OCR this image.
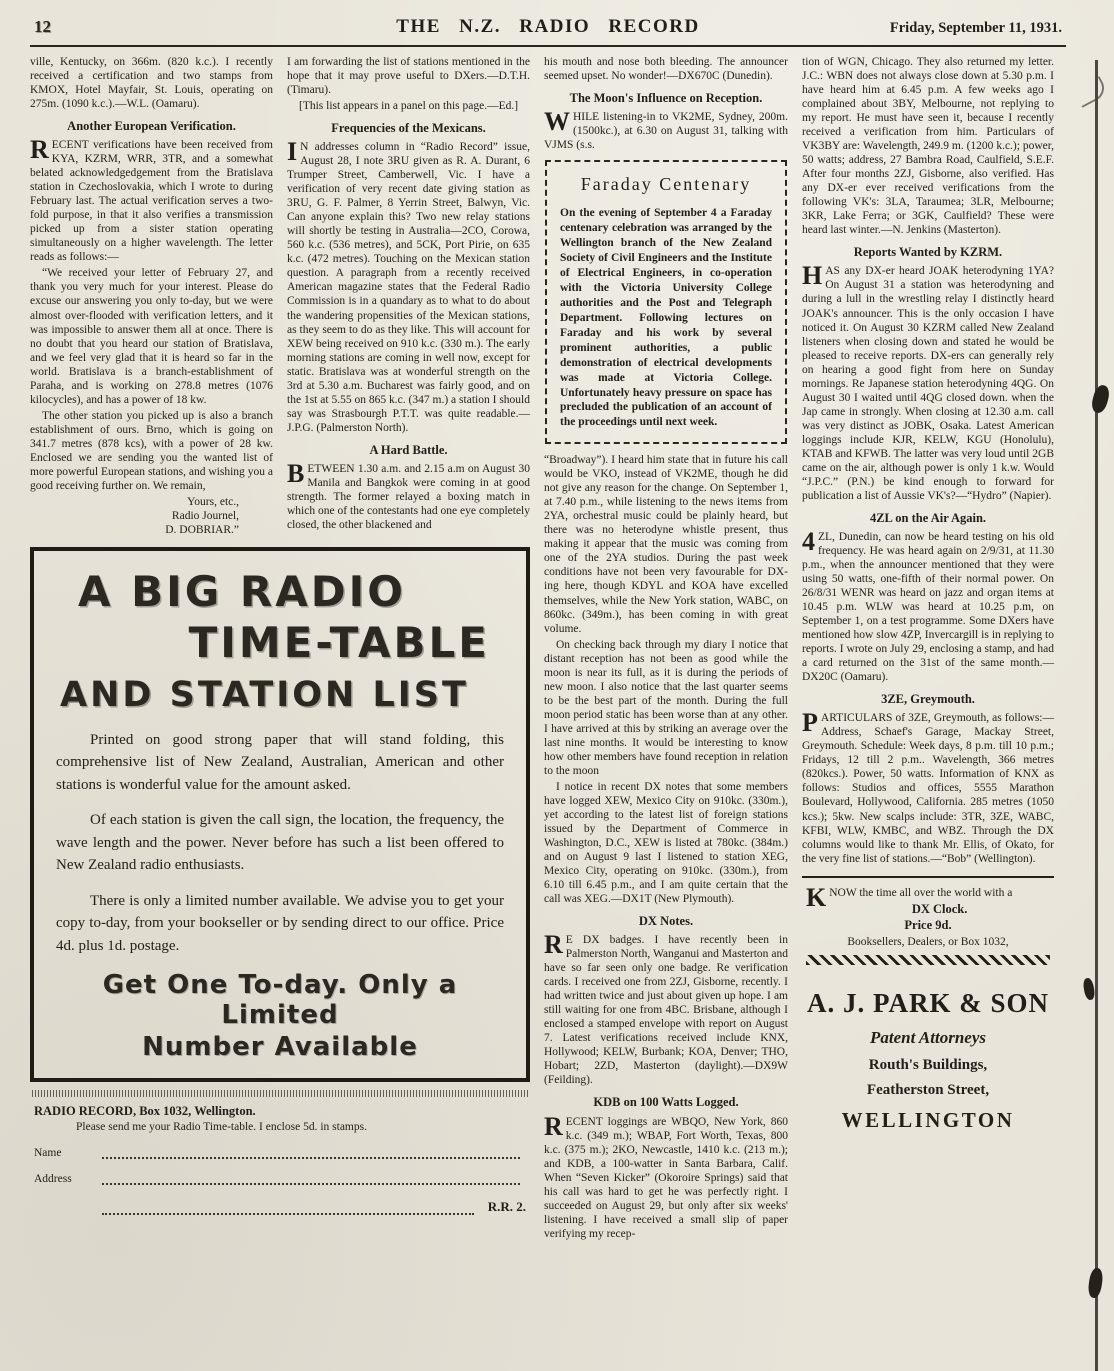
12	THE N.Z. RADIO RECORD	Friday, September 11, 1931.

ville, Kentucky, on 366m. (820 k.c.). I recently received a certification and two stamps from KMOX, Hotel Mayfair, St. Louis, operating on 275m. (1090 k.c.).—W.L. (Oamaru).

Another European Verification.

RECENT verifications have been received from KYA, KZRM, WRR, 3TR, and a somewhat belated acknowledgedgement from the Bratislava station in Czechoslovakia, which I wrote to during February last. The actual verification serves a two-fold purpose, in that it also verifies a transmission picked up from a sister station operating simultaneously on a higher wavelength. The letter reads as follows:—

“We received your letter of February 27, and thank you very much for your interest. Please do excuse our answering you only to-day, but we were almost over-flooded with verification letters, and it was impossible to answer them all at once. There is no doubt that you heard our station of Bratislava, and we feel very glad that it is heard so far in the world. Bratislava is a branch-establishment of Paraha, and is working on 278.8 metres (1076 kilocycles), and has a power of 18 kw.

The other station you picked up is also a branch establishment of ours. Brno, which is going on 341.7 metres (878 kcs), with a power of 28 kw. Enclosed we are sending you the wanted list of more powerful European stations, and wishing you a good receiving further on. We remain,

Yours, etc.,

Radio Journel,

D. DOBRIAR.”

I am forwarding the list of stations mentioned in the hope that it may prove useful to DXers.—D.T.H. (Timaru).

[This list appears in a panel on this page.—Ed.]

Frequencies of the Mexicans.

IN addresses column in “Radio Record” issue, August 28, I note 3RU given as R. A. Durant, 6 Trumper Street, Camberwell, Vic. I have a verification of very recent date giving station as 3RU, G. F. Palmer, 8 Yerrin Street, Balwyn, Vic. Can anyone explain this? Two new relay stations will shortly be testing in Australia—2CO, Corowa, 560 k.c. (536 metres), and 5CK, Port Pirie, on 635 k.c. (472 metres). Touching on the Mexican station question. A paragraph from a recently received American magazine states that the Federal Radio Commission is in a quandary as to what to do about the wandering propensities of the Mexican stations, as they seem to do as they like. This will account for XEW being received on 910 k.c. (330 m.). The early morning stations are coming in well now, except for static. Bratislava was at wonderful strength on the 3rd at 5.30 a.m. Bucharest was fairly good, and on the 1st at 5.55 on 865 k.c. (347 m.) a station I should say was Strasbourgh P.T.T. was quite readable.—J.P.G. (Palmerston North).

A Hard Battle.

BETWEEN 1.30 a.m. and 2.15 a.m on August 30 Manila and Bangkok were coming in at good strength. The former relayed a boxing match in which one of the contestants had one eye completely closed, the other blackened and

A BIG RADIO
TIME-TABLE
AND STATION LIST

Printed on good strong paper that will stand folding, this comprehensive list of New Zealand, Australian, American and other stations is wonderful value for the amount asked.

Of each station is given the call sign, the location, the frequency, the wave length and the power. Never before has such a list been offered to New Zealand radio enthusiasts.

There is only a limited number available. We advise you to get your copy to-day, from your bookseller or by sending direct to our office. Price 4d. plus 1d. postage.

Get One To-day. Only a Limited
Number Available
RADIO RECORD, Box 1032, Wellington.
Please send me your Radio Time-table. I enclose 5d. in stamps.
Name
Address
R.R. 2.

his mouth and nose both bleeding. The announcer seemed upset. No wonder!—DX670C (Dunedin).

The Moon's Influence on Reception.

WHILE listening-in to VK2ME, Sydney, 200m. (1500kc.), at 6.30 on August 31, talking with VJMS (s.s.

Faraday Centenary

On the evening of September 4 a Faraday centenary celebration was arranged by the Wellington branch of the New Zealand Society of Civil Engineers and the Institute of Electrical Engineers, in co-operation with the Victoria University College authorities and the Post and Telegraph Department. Following lectures on Faraday and his work by several prominent authorities, a public demonstration of electrical developments was made at Victoria College. Unfortunately heavy pressure on space has precluded the publication of an account of the proceedings until next week.

“Broadway”). I heard him state that in future his call would be VKO, instead of VK2ME, though he did not give any reason for the change. On September 1, at 7.40 p.m., while listening to the news items from 2YA, orchestral music could be plainly heard, but there was no heterodyne whistle present, thus making it appear that the music was coming from one of the 2YA studios. During the past week conditions have not been very favourable for DX-ing here, though KDYL and KOA have excelled themselves, while the New York station, WABC, on 860kc. (349m.), has been coming in with great volume.

On checking back through my diary I notice that distant reception has not been as good while the moon is near its full, as it is during the periods of new moon. I also notice that the last quarter seems to be the best part of the month. During the full moon period static has been worse than at any other. I have arrived at this by striking an average over the last nine months. It would be interesting to know how other members have found reception in relation to the moon

I notice in recent DX notes that some members have logged XEW, Mexico City on 910kc. (330m.), yet according to the latest list of foreign stations issued by the Department of Commerce in Washington, D.C., XEW is listed at 780kc. (384m.) and on August 9 last I listened to station XEG, Mexico City, operating on 910kc. (330m.), from 6.10 till 6.45 p.m., and I am quite certain that the call was XEG.—DX1T (New Plymouth).

DX Notes.

RE DX badges. I have recently been in Palmerston North, Wanganui and Masterton and have so far seen only one badge. Re verification cards. I received one from 2ZJ, Gisborne, recently. I had written twice and just about given up hope. I am still waiting for one from 4BC. Brisbane, although I enclosed a stamped envelope with report on August 7. Latest verifications received include KNX, Hollywood; KELW, Burbank; KOA, Denver; THO, Hobart; 2ZD, Masterton (daylight).—DX9W (Feilding).

KDB on 100 Watts Logged.

RECENT loggings are WBQO, New York, 860 k.c. (349 m.); WBAP, Fort Worth, Texas, 800 k.c. (375 m.); 2KO, Newcastle, 1410 k.c. (213 m.); and KDB, a 100-watter in Santa Barbara, Calif. When “Seven Kicker” (Okoroire Springs) said that his call was hard to get he was perfectly right. I succeeded on August 29, but only after six weeks' listening. I have received a small slip of paper verifying my recep-

tion of WGN, Chicago. They also returned my letter. J.C.: WBN does not always close down at 5.30 p.m. I have heard him at 6.45 p.m. A few weeks ago I complained about 3BY, Melbourne, not replying to my report. He must have seen it, because I recently received a verification from him. Particulars of VK3BY are: Wavelength, 249.9 m. (1200 k.c.); power, 50 watts; address, 27 Bambra Road, Caulfield, S.E.F. After four months 2ZJ, Gisborne, also verified. Has any DX-er ever received verifications from the following VK's: 3LA, Taraumea; 3LR, Melbourne; 3KR, Lake Ferra; or 3GK, Caulfield? These were heard last winter.—N. Jenkins (Masterton).

Reports Wanted by KZRM.

HAS any DX-er heard JOAK heterodyning 1YA? On August 31 a station was heterodyning and during a lull in the wrestling relay I distinctly heard JOAK's announcer. This is the only occasion I have noticed it. On August 30 KZRM called New Zealand listeners when closing down and stated he would be pleased to receive reports. DX-ers can generally rely on hearing a good fight from here on Sunday mornings. Re Japanese station heterodyning 4QG. On August 30 I waited until 4QG closed down. when the Jap came in strongly. When closing at 12.30 a.m. call was very distinct as JOBK, Osaka. Latest American loggings include KJR, KELW, KGU (Honolulu), KTAB and KFWB. The latter was very loud until 2GB came on the air, although power is only 1 k.w. Would “J.P.C.” (P.N.) be kind enough to forward for publication a list of Aussie VK's?—“Hydro” (Napier).

4ZL on the Air Again.

4ZL, Dunedin, can now be heard testing on his old frequency. He was heard again on 2/9/31, at 11.30 p.m., when the announcer mentioned that they were using 50 watts, one-fifth of their normal power. On 26/8/31 WENR was heard on jazz and organ items at 10.45 p.m. WLW was heard at 10.25 p.m, on September 1, on a test programme. Some DXers have mentioned how slow 4ZP, Invercargill is in replying to reports. I wrote on July 29, enclosing a stamp, and had a card returned on the 31st of the same month.—DX20C (Oamaru).

3ZE, Greymouth.

PARTICULARS of 3ZE, Greymouth, as follows:—Address, Schaef's Garage, Mackay Street, Greymouth. Schedule: Week days, 8 p.m. till 10 p.m.; Fridays, 12 till 2 p.m.. Wavelength, 366 metres (820kcs.). Power, 50 watts. Information of KNX as follows: Studios and offices, 5555 Marathon Boulevard, Hollywood, California. 285 metres (1050 kcs.); 5kw. New scalps include: 3TR, 3ZE, WABC, KFBI, WLW, KMBC, and WBZ. Through the DX columns would like to thank Mr. Ellis, of Okato, for the very fine list of stations.—“Bob” (Wellington).

KNOW the time all over the world with a

DX Clock.
Price 9d.
Booksellers, Dealers, or Box 1032,
A. J. PARK & SON
Patent Attorneys
Routh's Buildings,
Featherston Street,
WELLINGTON
